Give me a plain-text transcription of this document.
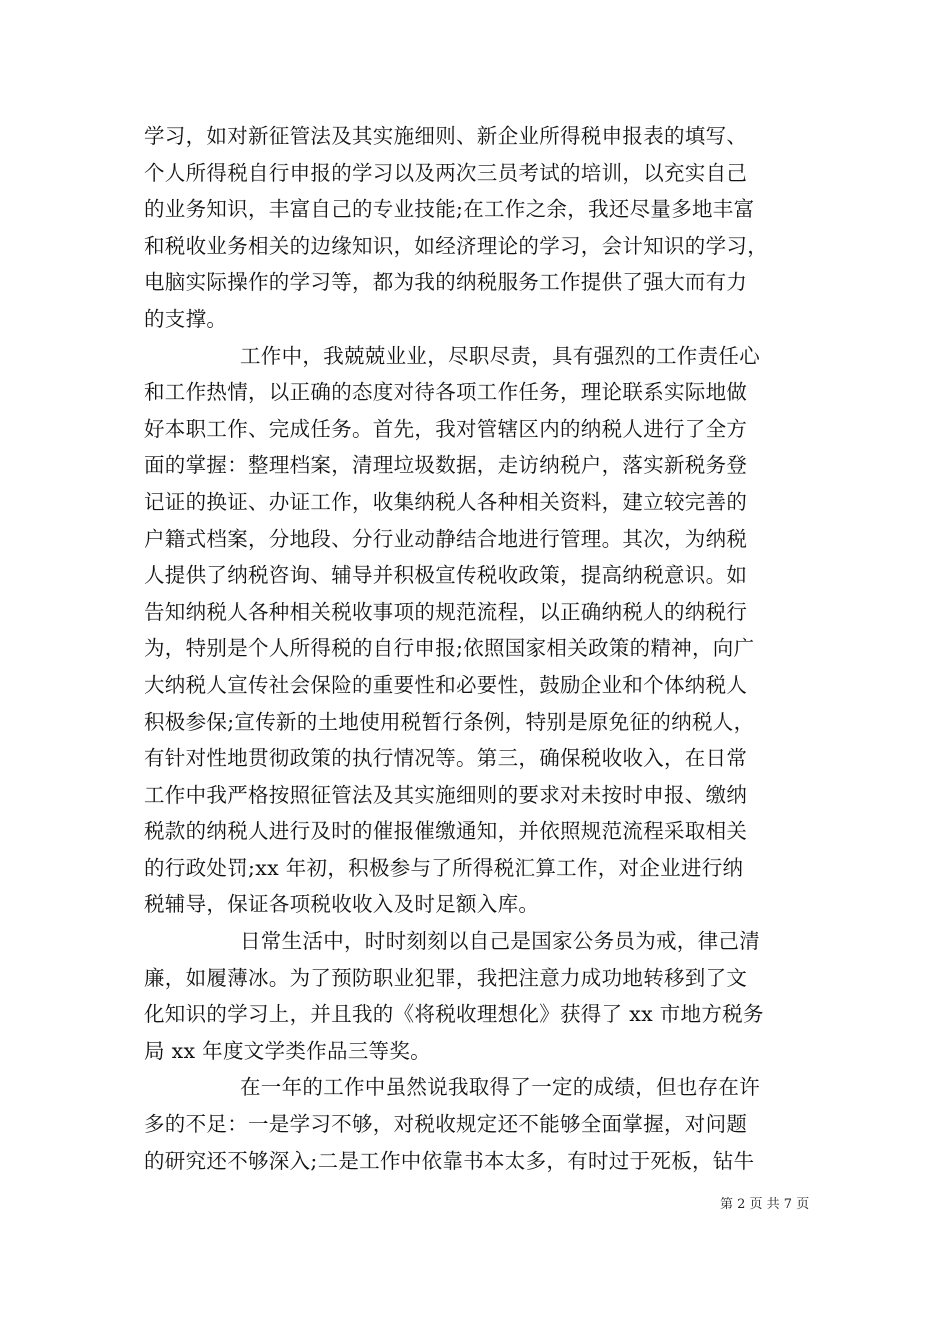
学习，如对新征管法及其实施细则、新企业所得税申报表的填写、
个人所得税自行申报的学习以及两次三员考试的培训，以充实自己
的业务知识，丰富自己的专业技能;在工作之余，我还尽量多地丰富
和税收业务相关的边缘知识，如经济理论的学习，会计知识的学习，
电脑实际操作的学习等，都为我的纳税服务工作提供了强大而有力
的支撑。
工作中，我兢兢业业，尽职尽责，具有强烈的工作责任心
和工作热情，以正确的态度对待各项工作任务，理论联系实际地做
好本职工作、完成任务。首先，我对管辖区内的纳税人进行了全方
面的掌握：整理档案，清理垃圾数据，走访纳税户，落实新税务登
记证的换证、办证工作，收集纳税人各种相关资料，建立较完善的
户籍式档案，分地段、分行业动静结合地进行管理。其次，为纳税
人提供了纳税咨询、辅导并积极宣传税收政策，提高纳税意识。如
告知纳税人各种相关税收事项的规范流程，以正确纳税人的纳税行
为，特别是个人所得税的自行申报;依照国家相关政策的精神，向广
大纳税人宣传社会保险的重要性和必要性，鼓励企业和个体纳税人
积极参保;宣传新的土地使用税暂行条例，特别是原免征的纳税人，
有针对性地贯彻政策的执行情况等。第三，确保税收收入，在日常
工作中我严格按照征管法及其实施细则的要求对未按时申报、缴纳
税款的纳税人进行及时的催报催缴通知，并依照规范流程采取相关
的行政处罚;xx 年初，积极参与了所得税汇算工作，对企业进行纳
税辅导，保证各项税收收入及时足额入库。
日常生活中，时时刻刻以自己是国家公务员为戒，律己清
廉，如履薄冰。为了预防职业犯罪，我把注意力成功地转移到了文
化知识的学习上，并且我的《将税收理想化》获得了 xx 市地方税务
局 xx 年度文学类作品三等奖。
在一年的工作中虽然说我取得了一定的成绩，但也存在许
多的不足：一是学习不够，对税收规定还不能够全面掌握，对问题
的研究还不够深入;二是工作中依靠书本太多，有时过于死板，钻牛
第 2 页 共 7 页
